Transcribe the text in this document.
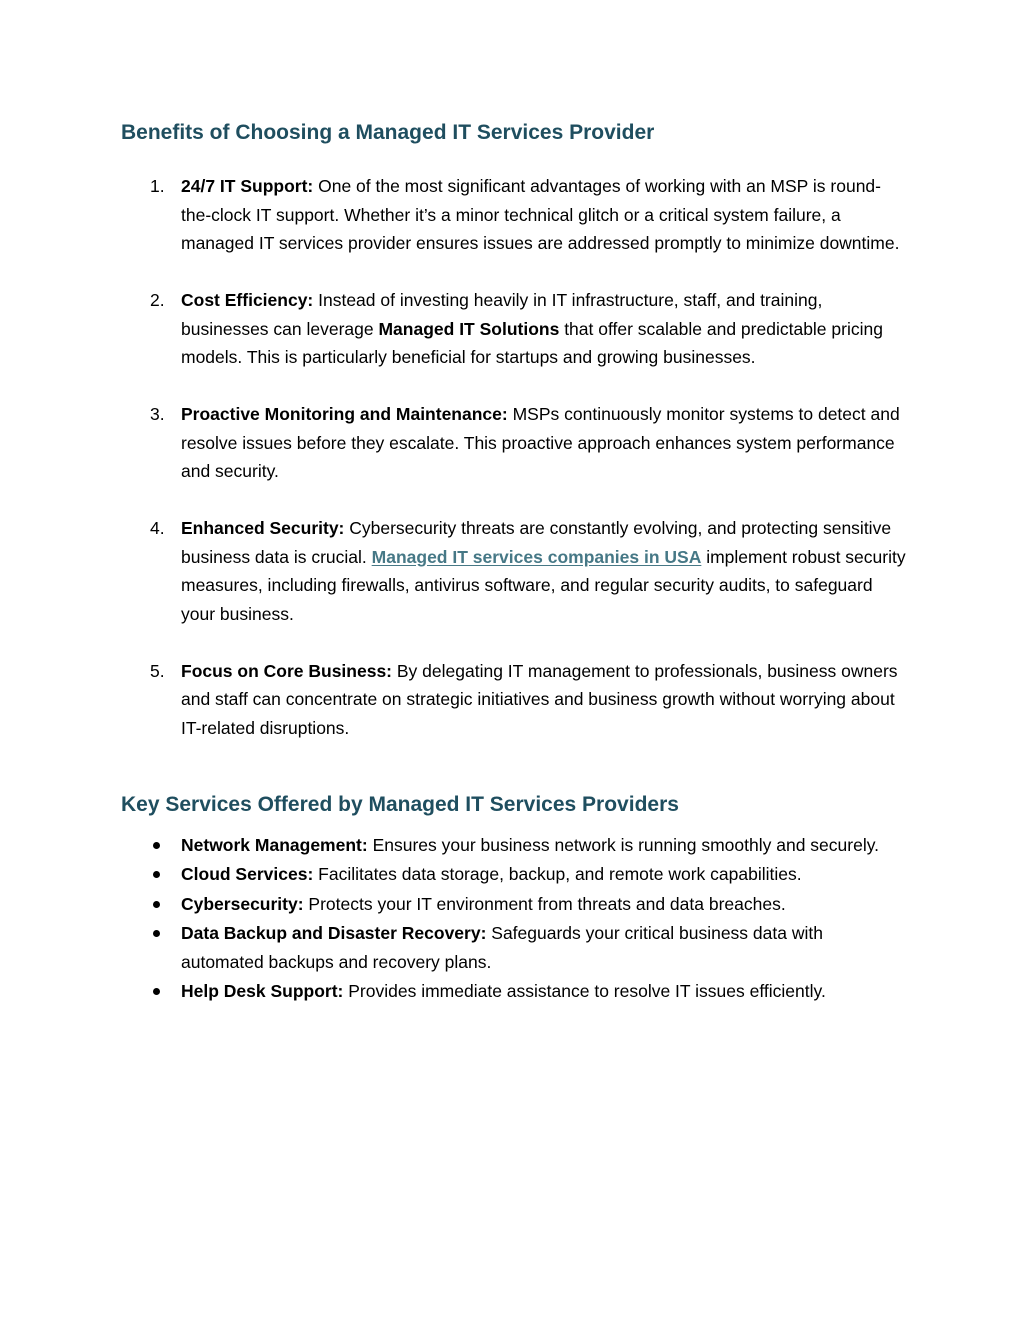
Benefits of Choosing a Managed IT Services Provider
1. 24/7 IT Support: One of the most significant advantages of working with an MSP is round-the-clock IT support. Whether it’s a minor technical glitch or a critical system failure, a managed IT services provider ensures issues are addressed promptly to minimize downtime.
2. Cost Efficiency: Instead of investing heavily in IT infrastructure, staff, and training, businesses can leverage Managed IT Solutions that offer scalable and predictable pricing models. This is particularly beneficial for startups and growing businesses.
3. Proactive Monitoring and Maintenance: MSPs continuously monitor systems to detect and resolve issues before they escalate. This proactive approach enhances system performance and security.
4. Enhanced Security: Cybersecurity threats are constantly evolving, and protecting sensitive business data is crucial. Managed IT services companies in USA implement robust security measures, including firewalls, antivirus software, and regular security audits, to safeguard your business.
5. Focus on Core Business: By delegating IT management to professionals, business owners and staff can concentrate on strategic initiatives and business growth without worrying about IT-related disruptions.
Key Services Offered by Managed IT Services Providers
Network Management: Ensures your business network is running smoothly and securely.
Cloud Services: Facilitates data storage, backup, and remote work capabilities.
Cybersecurity: Protects your IT environment from threats and data breaches.
Data Backup and Disaster Recovery: Safeguards your critical business data with automated backups and recovery plans.
Help Desk Support: Provides immediate assistance to resolve IT issues efficiently.
